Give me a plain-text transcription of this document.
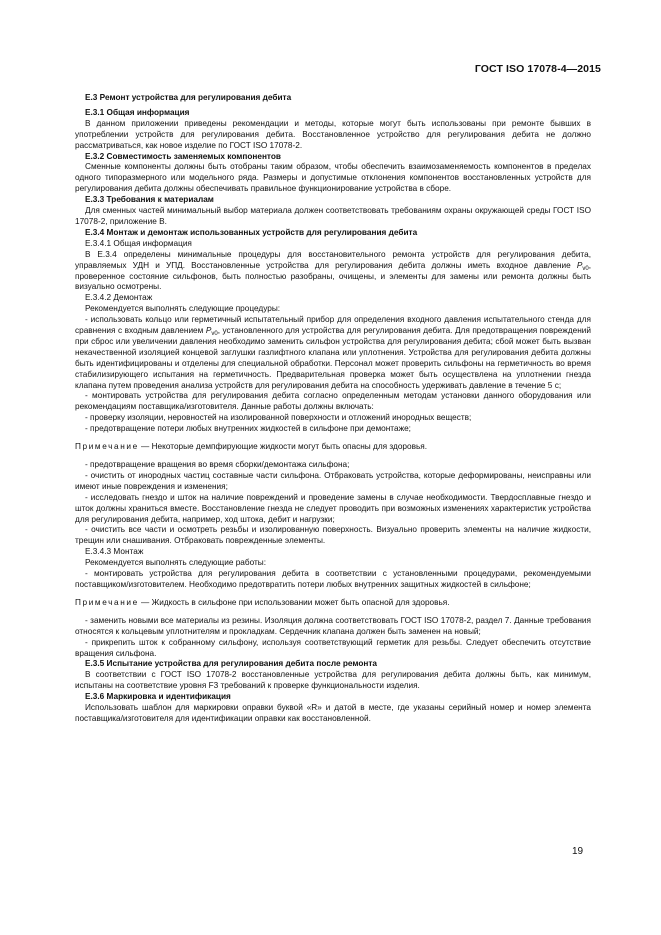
ГОСТ ISO 17078-4—2015

Е.3 Ремонт устройства для регулирования дебита

Е.3.1 Общая информация

В данном приложении приведены рекомендации и методы, которые могут быть использованы при ремонте бывших в употреблении устройств для регулирования дебита. Восстановленное устройство для регулирования дебита не должно рассматриваться, как новое изделие по ГОСТ ISO 17078-2.

Е.3.2 Совместимость заменяемых компонентов

Сменные компоненты должны быть отобраны таким образом, чтобы обеспечить взаимозаменяемость компонентов в пределах одного типоразмерного или модельного ряда. Размеры и допустимые отклонения компонентов восстановленных устройств для регулирования дебита должны обеспечивать правильное функционирование устройства в сборе.

Е.3.3 Требования к материалам

Для сменных частей минимальный выбор материала должен соответствовать требованиям охраны окружающей среды ГОСТ ISO 17078-2, приложение В.

Е.3.4 Монтаж и демонтаж использованных устройств для регулирования дебита

Е.3.4.1 Общая информация

В Е.3.4 определены минимальные процедуры для восстановительного ремонта устройств для регулирования дебита, управляемых УДН и УПД. Восстановленные устройства для регулирования дебита должны иметь входное давление $P_{v0}$, проверенное состояние сильфонов, быть полностью разобраны, очищены, и элементы для замены или ремонта должны быть визуально осмотрены.

Е.3.4.2 Демонтаж

Рекомендуется выполнять следующие процедуры:

- использовать кольцо или герметичный испытательный прибор для определения входного давления испытательного стенда для сравнения с входным давлением $P_{v0}$, установленного для устройства для регулирования дебита. Для предотвращения повреждений при сброс или увеличении давления необходимо заменить сильфон устройства для регулирования дебита; сбой может быть вызван некачественной изоляцией концевой заглушки газлифтного клапана или уплотнения. Устройства для регулирования дебита должны быть идентифицированы и отделены для специальной обработки. Персонал может проверить сильфоны на герметичность во время стабилизирующего испытания на герметичность. Предварительная проверка может быть осуществлена на уплотнении гнезда клапана путем проведения анализа устройств для регулирования дебита на способность удерживать давление в течение 5 с;

- монтировать устройства для регулирования дебита согласно определенным методам установки данного оборудования или рекомендациям поставщика/изготовителя. Данные работы должны включать:

- проверку изоляции, неровностей на изолированной поверхности и отложений инородных веществ;

- предотвращение потери любых внутренних жидкостей в сильфоне при демонтаже;

Примечание — Некоторые демпфирующие жидкости могут быть опасны для здоровья.

- предотвращение вращения во время сборки/демонтажа сильфона;

- очистить от инородных частиц составные части сильфона. Отбраковать устройства, которые деформированы, неисправны или имеют иные повреждения и изменения;

- исследовать гнездо и шток на наличие повреждений и проведение замены в случае необходимости. Твердосплавные гнездо и шток должны храниться вместе. Восстановление гнезда не следует проводить при возможных изменениях характеристик устройства для регулирования дебита, например, ход штока, дебит и нагрузки;

- очистить все части и осмотреть резьбы и изолированную поверхность. Визуально проверить элементы на наличие жидкости, трещин или снашивания. Отбраковать поврежденные элементы.

Е.3.4.3 Монтаж

Рекомендуется выполнять следующие работы:

- монтировать устройства для регулирования дебита в соответствии с установленными процедурами, рекомендуемыми поставщиком/изготовителем. Необходимо предотвратить потери любых внутренних защитных жидкостей в сильфоне;

Примечание — Жидкость в сильфоне при использовании может быть опасной для здоровья.

- заменить новыми все материалы из резины. Изоляция должна соответствовать ГОСТ ISO 17078-2, раздел 7. Данные требования относятся к кольцевым уплотнителям и прокладкам. Сердечник клапана должен быть заменен на новый;

- прикрепить шток к собранному сильфону, используя соответствующий герметик для резьбы. Следует обеспечить отсутствие вращения сильфона.

Е.3.5 Испытание устройства для регулирования дебита после ремонта

В соответствии с ГОСТ ISO 17078-2 восстановленные устройства для регулирования дебита должны быть, как минимум, испытаны на соответствие уровня F3 требований к проверке функциональности изделия.

Е.3.6 Маркировка и идентификация

Использовать шаблон для маркировки оправки буквой «R» и датой в месте, где указаны серийный номер и номер элемента поставщика/изготовителя для идентификации оправки как восстановленной.

19
